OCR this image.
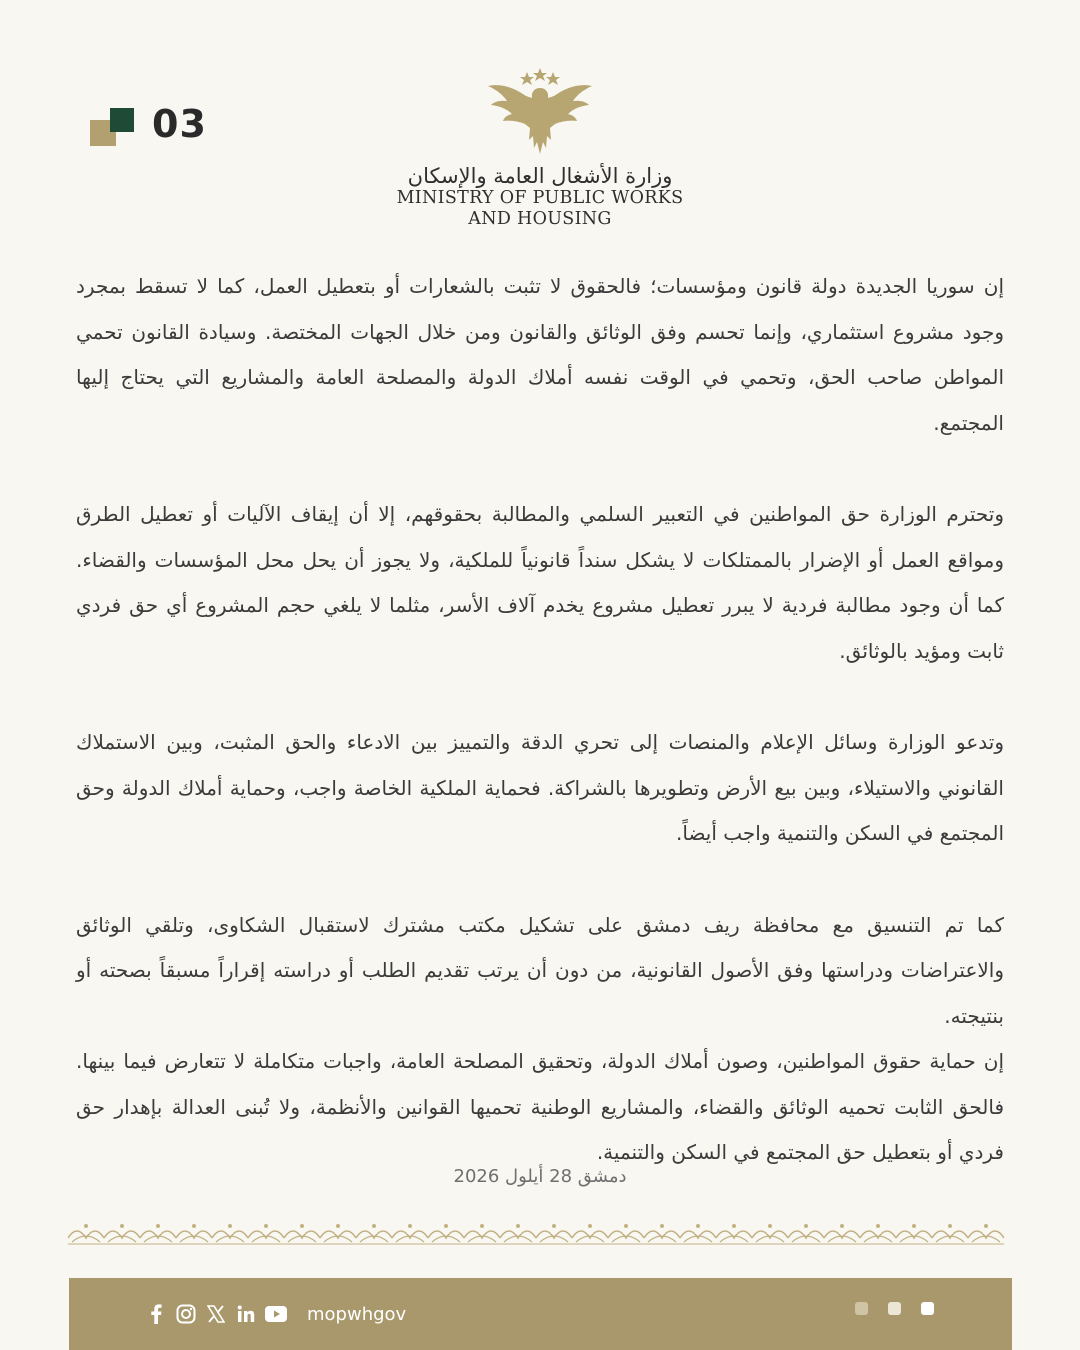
03
وزارة الأشغال العامة والإسكان
MINISTRY OF PUBLIC WORKS
AND HOUSING

إن سوريا الجديدة دولة قانون ومؤسسات؛ فالحقوق لا تثبت بالشعارات أو بتعطيل العمل، كما لا تسقط بمجرد وجود مشروع استثماري، وإنما تحسم وفق الوثائق والقانون ومن خلال الجهات المختصة. وسيادة القانون تحمي المواطن صاحب الحق، وتحمي في الوقت نفسه أملاك الدولة والمصلحة العامة والمشاريع التي يحتاج إليها المجتمع.

وتحترم الوزارة حق المواطنين في التعبير السلمي والمطالبة بحقوقهم، إلا أن إيقاف الآليات أو تعطيل الطرق ومواقع العمل أو الإضرار بالممتلكات لا يشكل سنداً قانونياً للملكية، ولا يجوز أن يحل محل المؤسسات والقضاء. كما أن وجود مطالبة فردية لا يبرر تعطيل مشروع يخدم آلاف الأسر، مثلما لا يلغي حجم المشروع أي حق فردي ثابت ومؤيد بالوثائق.

وتدعو الوزارة وسائل الإعلام والمنصات إلى تحري الدقة والتمييز بين الادعاء والحق المثبت، وبين الاستملاك القانوني والاستيلاء، وبين بيع الأرض وتطويرها بالشراكة. فحماية الملكية الخاصة واجب، وحماية أملاك الدولة وحق المجتمع في السكن والتنمية واجب أيضاً.

كما تم التنسيق مع محافظة ريف دمشق على تشكيل مكتب مشترك لاستقبال الشكاوى، وتلقي الوثائق والاعتراضات ودراستها وفق الأصول القانونية، من دون أن يرتب تقديم الطلب أو دراسته إقراراً مسبقاً بصحته أو بنتيجته.

إن حماية حقوق المواطنين، وصون أملاك الدولة، وتحقيق المصلحة العامة، واجبات متكاملة لا تتعارض فيما بينها. فالحق الثابت تحميه الوثائق والقضاء، والمشاريع الوطنية تحميها القوانين والأنظمة، ولا تُبنى العدالة بإهدار حق فردي أو بتعطيل حق المجتمع في السكن والتنمية.

دمشق 28 أيلول 2026
mopwhgov
